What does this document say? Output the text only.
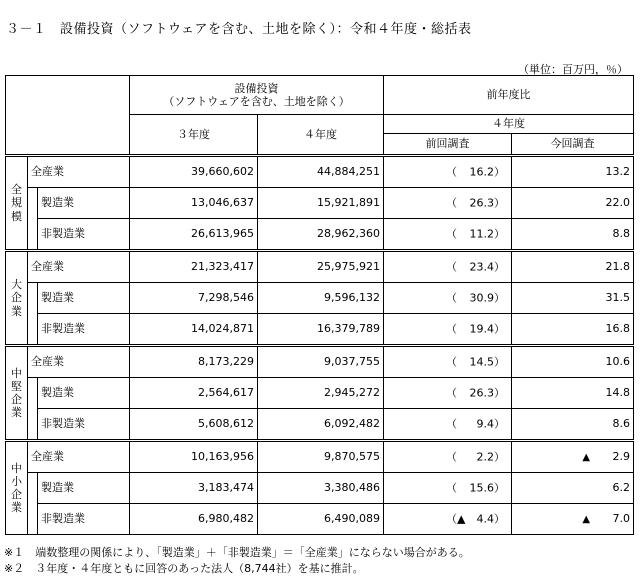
３－１　設備投資（ソフトウェアを含む、土地を除く）：令和４年度・総括表
（単位：百万円，％）

			設備投資
（ソフトウェアを含む、土地を除く）		前年度比	
			３年度	４年度	４年度	
					前回調査	今回調査
全規模	全産業		39,660,602	44,884,251	（ 16.2）	13.2
		製造業	13,046,637	15,921,891	（ 26.3）	22.0
		非製造業	26,613,965	28,962,360	（ 11.2）	8.8
大企業	全産業		21,323,417	25,975,921	（ 23.4）	21.8
		製造業	7,298,546	9,596,132	（ 30.9）	31.5
		非製造業	14,024,871	16,379,789	（ 19.4）	16.8
中堅企業	全産業		8,173,229	9,037,755	（ 14.5）	10.6
		製造業	2,564,617	2,945,272	（ 26.3）	14.8
		非製造業	5,608,612	6,092,482	（ 9.4）	8.6
中小企業	全産業		10,163,956	9,870,575	（ 2.2）	▲ 2.9
		製造業	3,183,474	3,380,486	（ 15.6）	6.2
		非製造業	6,980,482	6,490,089	（▲ 4.4）	▲ 7.0
※１　端数整理の関係により、「製造業」＋「非製造業」＝「全産業」にならない場合がある。
※２　３年度・４年度ともに回答のあった法人（8,744社）を基に推計。
